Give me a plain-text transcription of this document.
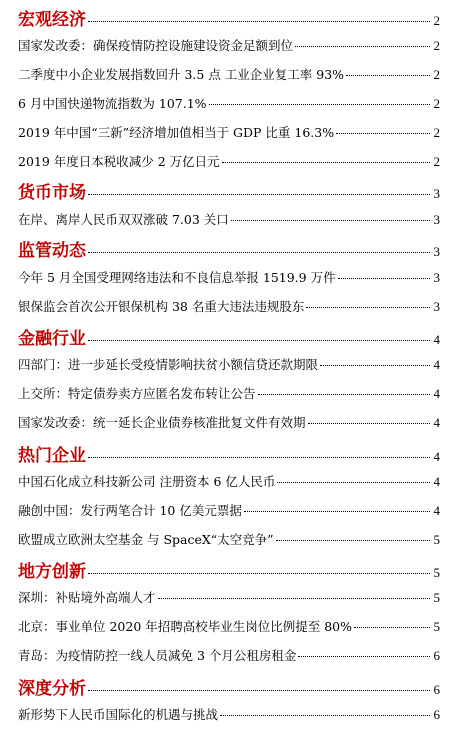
宏观经济	2
国家发改委：确保疫情防控设施建设资金足额到位	2
二季度中小企业发展指数回升 3.5 点 工业企业复工率 93%	2
6 月中国快递物流指数为 107.1%	2
2019 年中国“三新”经济增加值相当于 GDP 比重 16.3%	2
2019 年度日本税收减少 2 万亿日元	2
货币市场	3
在岸、离岸人民币双双涨破 7.03 关口	3
监管动态	3
今年 5 月全国受理网络违法和不良信息举报 1519.9 万件	3
银保监会首次公开银保机构 38 名重大违法违规股东	3
金融行业	4
四部门：进一步延长受疫情影响扶贫小额信贷还款期限	4
上交所：特定债券卖方应匿名发布转让公告	4
国家发改委：统一延长企业债券核准批复文件有效期	4
热门企业	4
中国石化成立科技新公司 注册资本 6 亿人民币	4
融创中国：发行两笔合计 10 亿美元票据	4
欧盟成立欧洲太空基金 与 SpaceX“太空竞争”	5
地方创新	5
深圳：补贴境外高端人才	5
北京：事业单位 2020 年招聘高校毕业生岗位比例提至 80%	5
青岛：为疫情防控一线人员减免 3 个月公租房租金	6
深度分析	6
新形势下人民币国际化的机遇与挑战	6
